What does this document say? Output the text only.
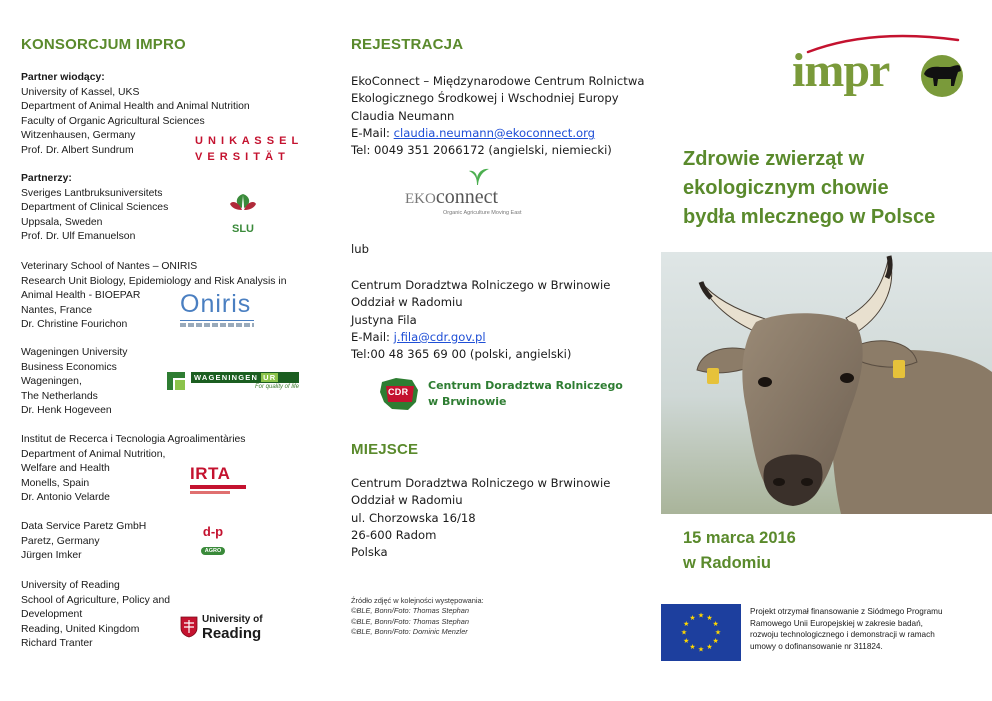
KONSORCJUM IMPRO
Partner wiodący:
University of Kassel, UKS
Department of Animal Health and Animal Nutrition
Faculty of Organic Agricultural Sciences
Witzenhausen, Germany
Prof. Dr. Albert Sundrum
U N I K A S S E L
V E R S I T Ä T
Partnerzy:
Sveriges Lantbruksuniversitets
Department of Clinical Sciences
Uppsala, Sweden
Prof. Dr. Ulf Emanuelson
SLU
Veterinary School of Nantes – ONIRIS
Research Unit Biology, Epidemiology and Risk Analysis in
Animal Health - BIOEPAR
Nantes, France
Dr. Christine Fourichon
Oniris
Wageningen University
Business Economics
Wageningen,
The Netherlands
Dr. Henk Hogeveen
WAGENINGEN UR
For quality of life
Institut de Recerca i Tecnologia Agroalimentàries
Department of Animal Nutrition,
Welfare and Health
Monells, Spain
Dr. Antonio Velarde
IRTA
Data Service Paretz GmbH
Paretz, Germany
Jürgen Imker
d-p
AGRO
University of Reading
School of Agriculture, Policy and
Development
Reading, United Kingdom
Richard Tranter
University of
Reading
REJESTRACJA
EkoConnect – Międzynarodowe Centrum Rolnictwa
Ekologicznego Środkowej i Wschodniej Europy
Claudia Neumann
E-Mail: claudia.neumann@ekoconnect.org
Tel: 0049 351 2066172 (angielski, niemiecki)
EKOconnect
Organic Agriculture Moving East
lub
Centrum Doradztwa Rolniczego w Brwinowie
Oddział w Radomiu
Justyna Fila
E-Mail: j.fila@cdr.gov.pl
Tel:00 48 365 69 00 (polski, angielski)
CDR Centrum Doradztwa Rolniczego
w Brwinowie
MIEJSCE
Centrum Doradztwa Rolniczego w Brwinowie
Oddział w Radomiu
ul. Chorzowska 16/18
26-600 Radom
Polska
Źródło zdjęć w kolejności występowania:
©BLE, Bonn/Foto: Thomas Stephan
©BLE, Bonn/Foto: Thomas Stephan
©BLE, Bonn/Foto: Dominic Menzler
impr
Zdrowie zwierząt w
ekologicznym chowie
bydła mlecznego w Polsce
15 marca 2016
w Radomiu
★ ★
★
★
★
★
★
★
★
★
★
★
Projekt otrzymał finansowanie z Siódmego Programu
Ramowego Unii Europejskiej w zakresie badań,
rozwoju technologicznego i demonstracji w ramach
umowy o dofinansowanie nr 311824.
